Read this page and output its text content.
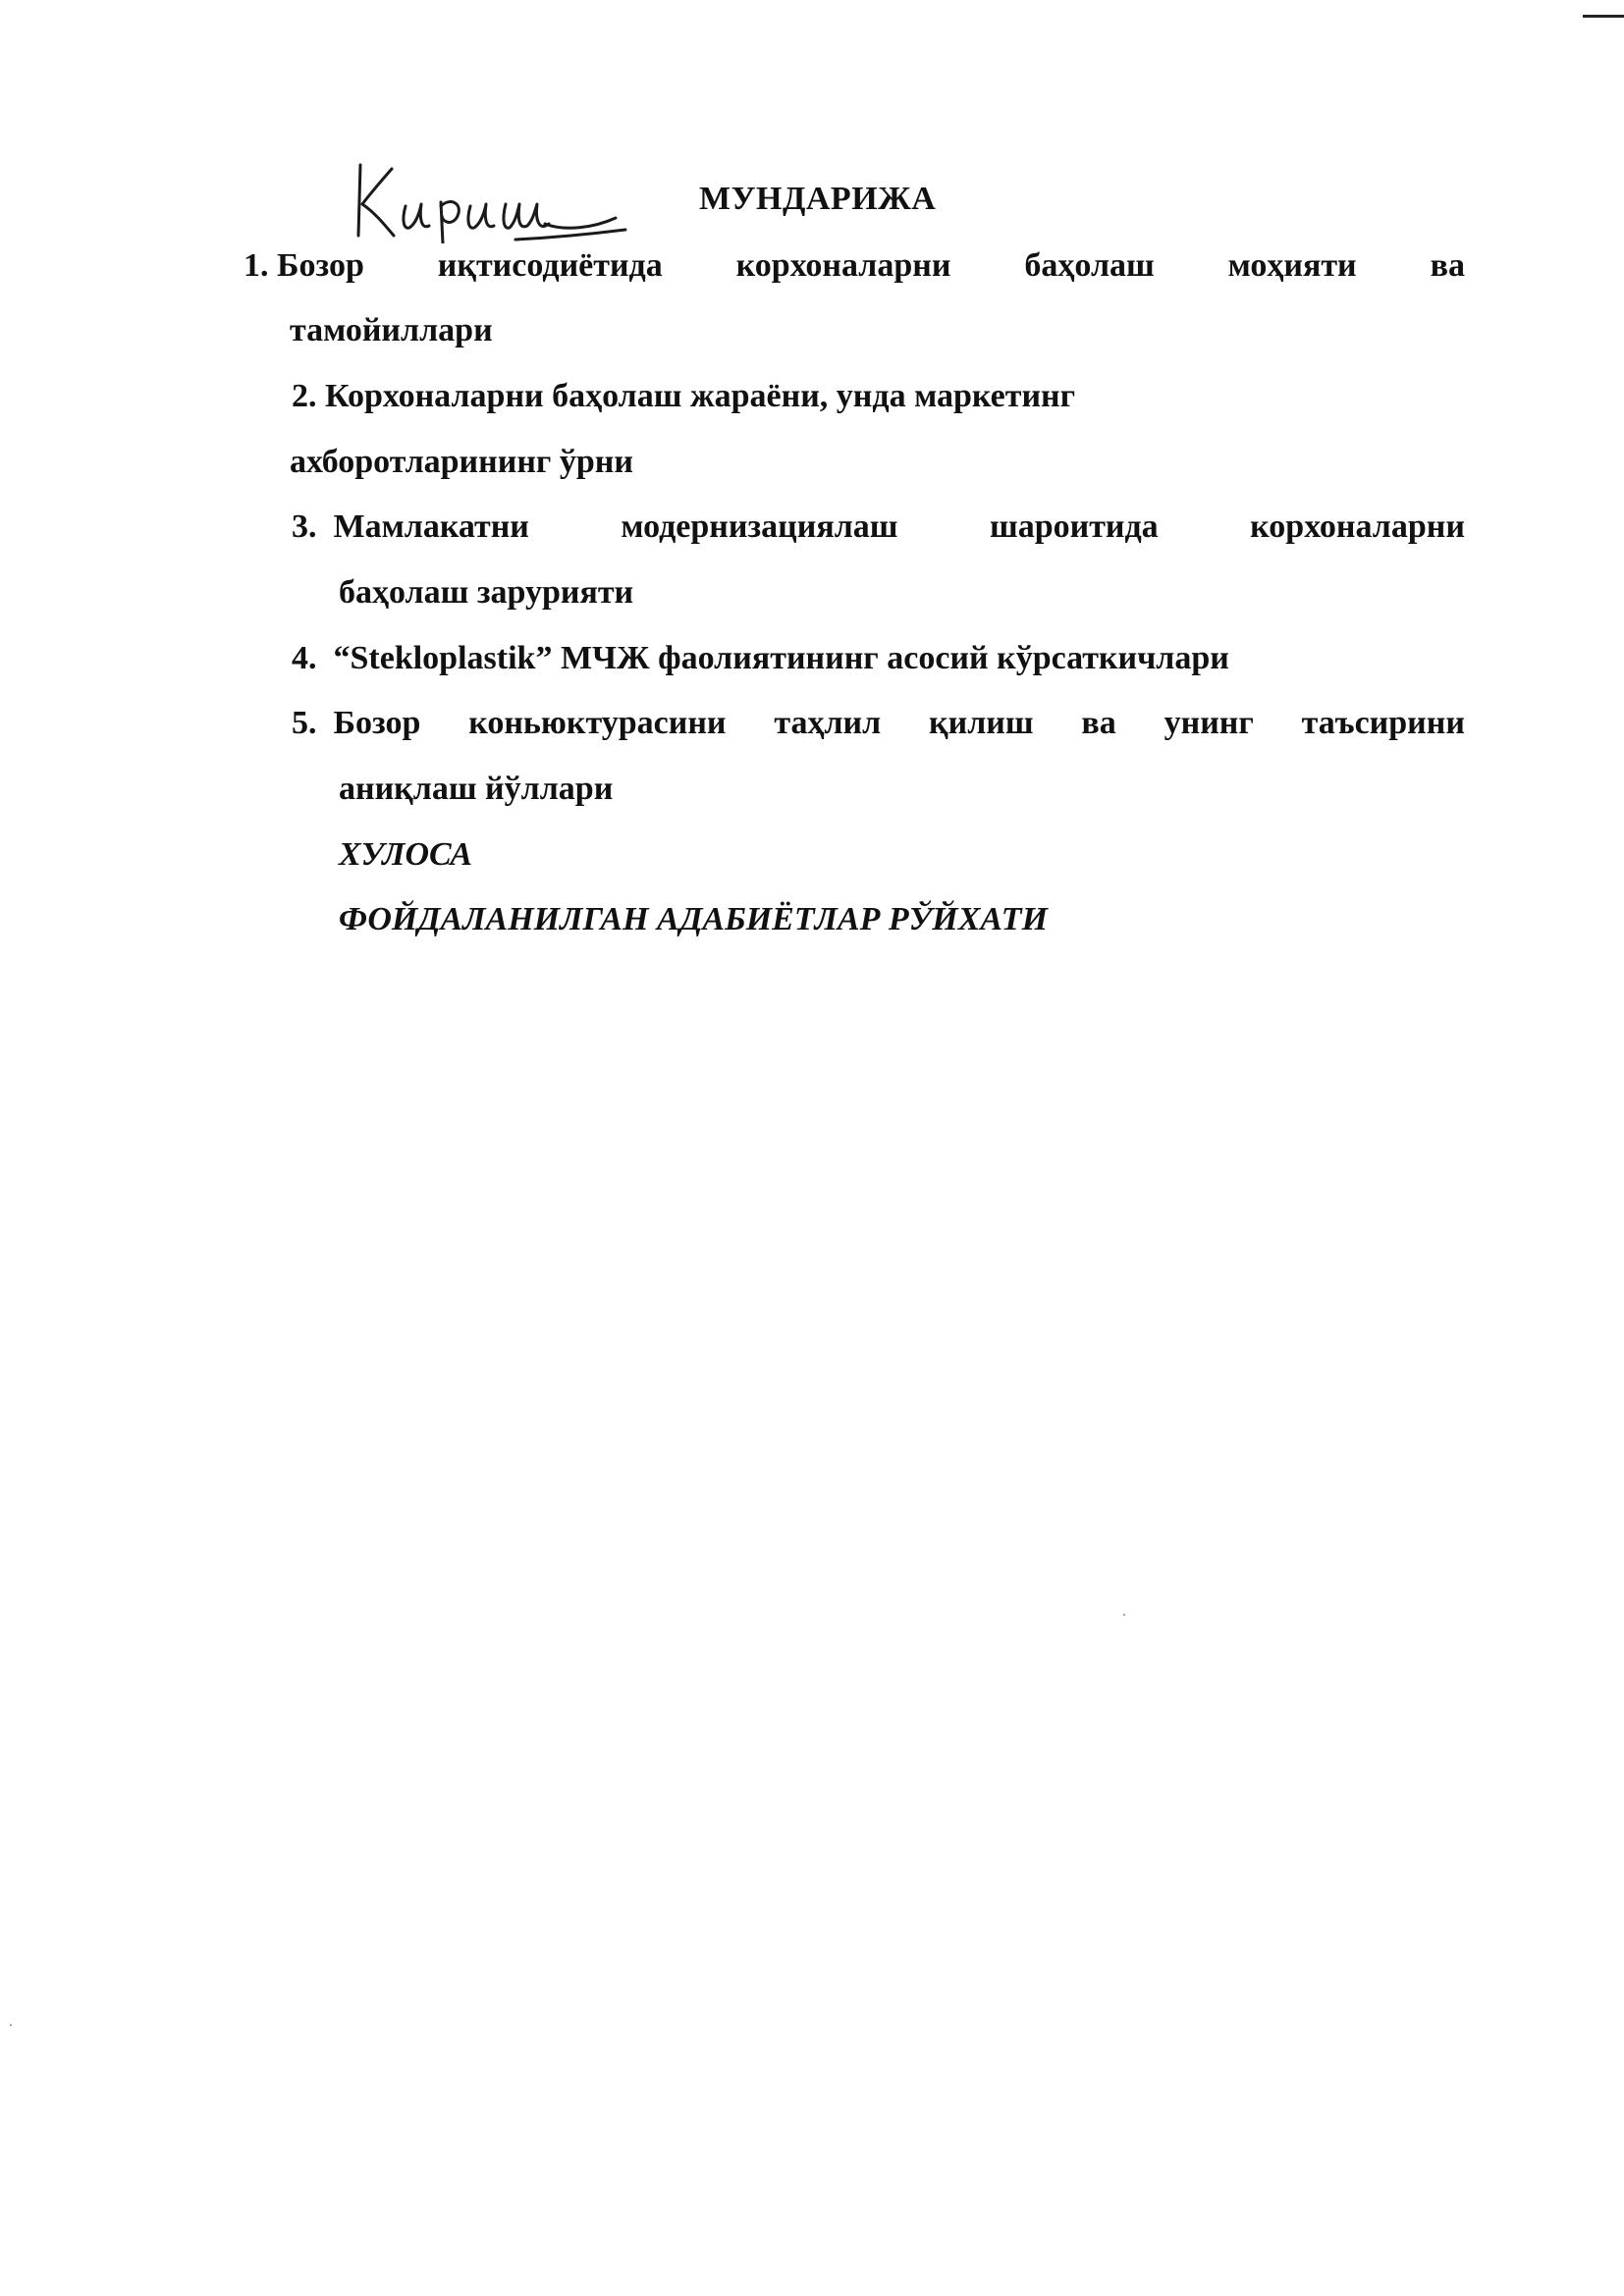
МУНДАРИЖА
1. Бозор иқтисодиётида корхоналарни баҳолаш моҳияти ва
тамойиллари
2. Корхоналарни баҳолаш жараёни, унда маркетинг
ахборотларининг ўрни
3. Мамлакатни	модернизациялаш	шароитида	корхоналарни
баҳолаш зарурияти
4. “Stekloplastik” МЧЖ фаолиятининг асосий кўрсаткичлари
5. Бозор коньюктурасини таҳлил қилиш ва унинг таъсирини
аниқлаш йўллари
ХУЛОСА
ФОЙДАЛАНИЛГАН АДАБИЁТЛАР РЎЙХАТИ
